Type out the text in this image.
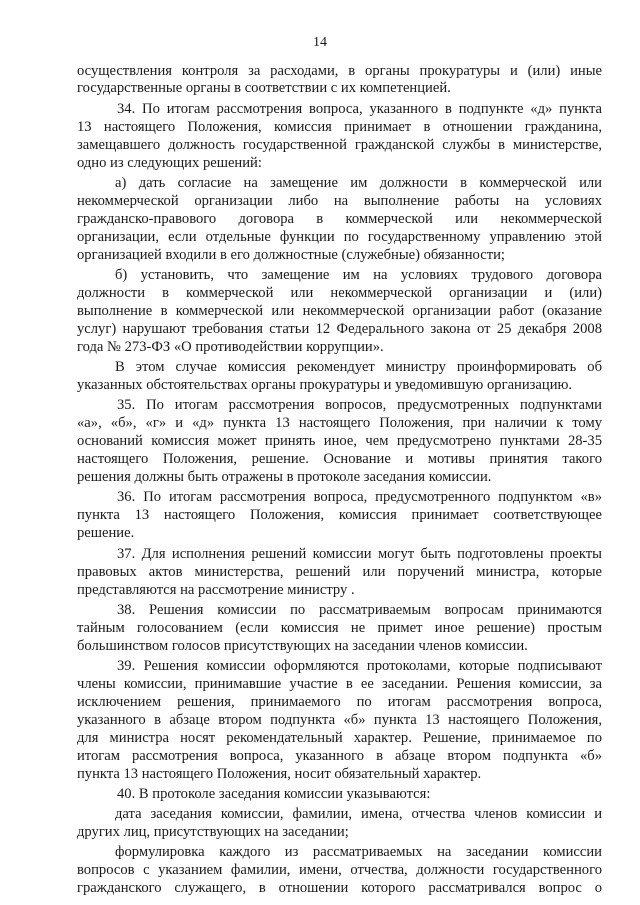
14
осуществления контроля за расходами, в органы прокуратуры и (или) иные
государственные органы в соответствии с их компетенцией.
34. По итогам рассмотрения вопроса, указанного в подпункте «д» пункта
13 настоящего Положения, комиссия принимает в отношении гражданина,
замещавшего должность государственной гражданской службы в министерстве,
одно из следующих решений:
а) дать согласие на замещение им должности в коммерческой или
некоммерческой организации либо на выполнение работы на условиях
гражданско-правового договора в коммерческой или некоммерческой
организации, если отдельные функции по государственному управлению этой
организацией входили в его должностные (служебные) обязанности;
б) установить, что замещение им на условиях трудового договора
должности в коммерческой или некоммерческой организации и (или)
выполнение в коммерческой или некоммерческой организации работ (оказание
услуг) нарушают требования статьи 12 Федерального закона от 25 декабря 2008
года № 273-ФЗ «О противодействии коррупции».
В этом случае комиссия рекомендует министру проинформировать об
указанных обстоятельствах органы прокуратуры и уведомившую организацию.
35. По итогам рассмотрения вопросов, предусмотренных подпунктами
«а», «б», «г» и «д» пункта 13 настоящего Положения, при наличии к тому
оснований комиссия может принять иное, чем предусмотрено пунктами 28-35
настоящего Положения, решение. Основание и мотивы принятия такого
решения должны быть отражены в протоколе заседания комиссии.
36. По итогам рассмотрения вопроса, предусмотренного подпунктом «в»
пункта 13 настоящего Положения, комиссия принимает соответствующее
решение.
37. Для исполнения решений комиссии могут быть подготовлены проекты
правовых актов министерства, решений или поручений министра, которые
представляются на рассмотрение министру .
38. Решения комиссии по рассматриваемым вопросам принимаются
тайным голосованием (если комиссия не примет иное решение) простым
большинством голосов присутствующих на заседании членов комиссии.
39. Решения комиссии оформляются протоколами, которые подписывают
члены комиссии, принимавшие участие в ее заседании. Решения комиссии, за
исключением решения, принимаемого по итогам рассмотрения вопроса,
указанного в абзаце втором подпункта «б» пункта 13 настоящего Положения,
для министра носят рекомендательный характер. Решение, принимаемое по
итогам рассмотрения вопроса, указанного в абзаце втором подпункта «б»
пункта 13 настоящего Положения, носит обязательный характер.
40. В протоколе заседания комиссии указываются:
дата заседания комиссии, фамилии, имена, отчества членов комиссии и
других лиц, присутствующих на заседании;
формулировка каждого из рассматриваемых на заседании комиссии
вопросов с указанием фамилии, имени, отчества, должности государственного
гражданского служащего, в отношении которого рассматривался вопрос о
